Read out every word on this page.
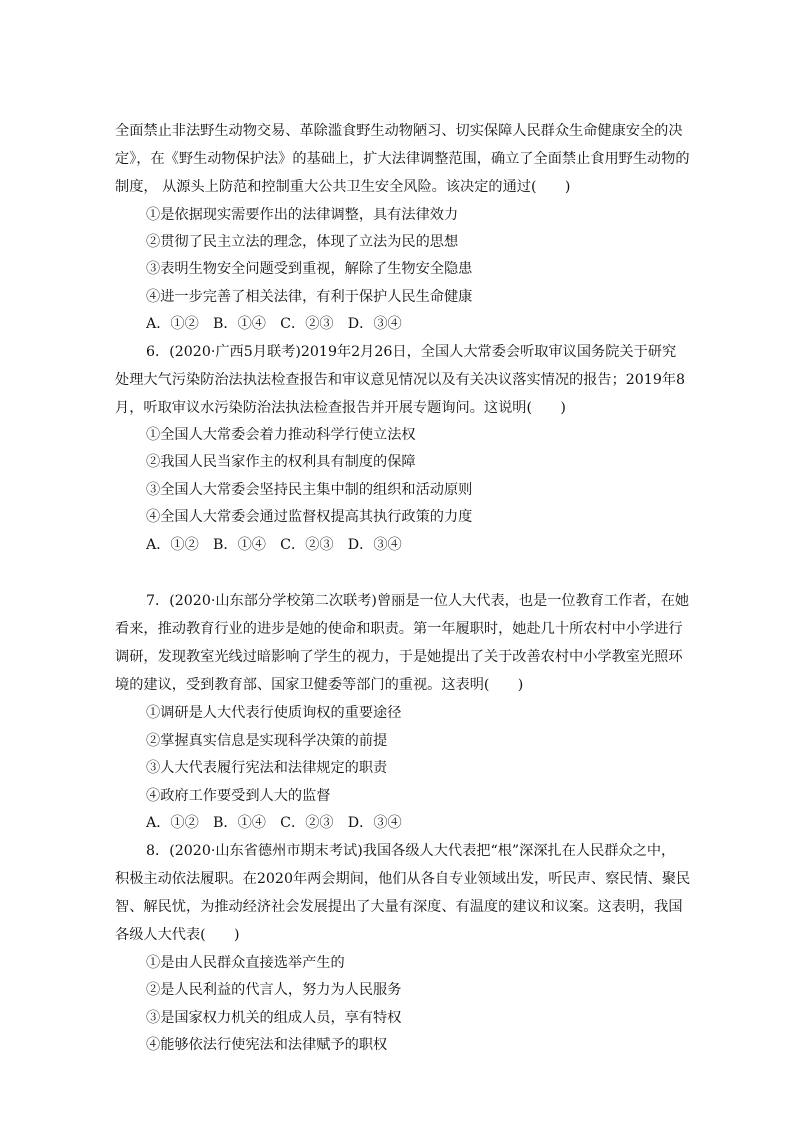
全面禁止非法野生动物交易、革除滥食野生动物陋习、切实保障人民群众生命健康安全的决
定》，在《野生动物保护法》的基础上，扩大法律调整范围，确立了全面禁止食用野生动物的
制度， 从源头上防范和控制重大公共卫生安全风险。该决定的通过(　　)
①是依据现实需要作出的法律调整，具有法律效力
②贯彻了民主立法的理念，体现了立法为民的思想
③表明生物安全问题受到重视，解除了生物安全隐患
④进一步完善了相关法律，有利于保护人民生命健康
A．①②　B．①④　C．②③　D．③④
6．(2020·广西5月联考)2019年2月26日，全国人大常委会听取审议国务院关于研究
处理大气污染防治法执法检查报告和审议意见情况以及有关决议落实情况的报告；2019年8
月，听取审议水污染防治法执法检查报告并开展专题询问。这说明(　　)
①全国人大常委会着力推动科学行使立法权
②我国人民当家作主的权利具有制度的保障
③全国人大常委会坚持民主集中制的组织和活动原则
④全国人大常委会通过监督权提高其执行政策的力度
A．①②　B．①④　C．②③　D．③④
7．(2020·山东部分学校第二次联考)曾丽是一位人大代表，也是一位教育工作者，在她
看来，推动教育行业的进步是她的使命和职责。第一年履职时，她赴几十所农村中小学进行
调研，发现教室光线过暗影响了学生的视力，于是她提出了关于改善农村中小学教室光照环
境的建议，受到教育部、国家卫健委等部门的重视。这表明(　　)
①调研是人大代表行使质询权的重要途径
②掌握真实信息是实现科学决策的前提
③人大代表履行宪法和法律规定的职责
④政府工作要受到人大的监督
A．①②　B．①④　C．②③　D．③④
8．(2020·山东省德州市期末考试)我国各级人大代表把“根”深深扎在人民群众之中，
积极主动依法履职。在2020年两会期间，他们从各自专业领域出发，听民声、察民情、聚民
智、解民忧，为推动经济社会发展提出了大量有深度、有温度的建议和议案。这表明，我国
各级人大代表(　　)
①是由人民群众直接选举产生的
②是人民利益的代言人，努力为人民服务
③是国家权力机关的组成人员，享有特权
④能够依法行使宪法和法律赋予的职权
